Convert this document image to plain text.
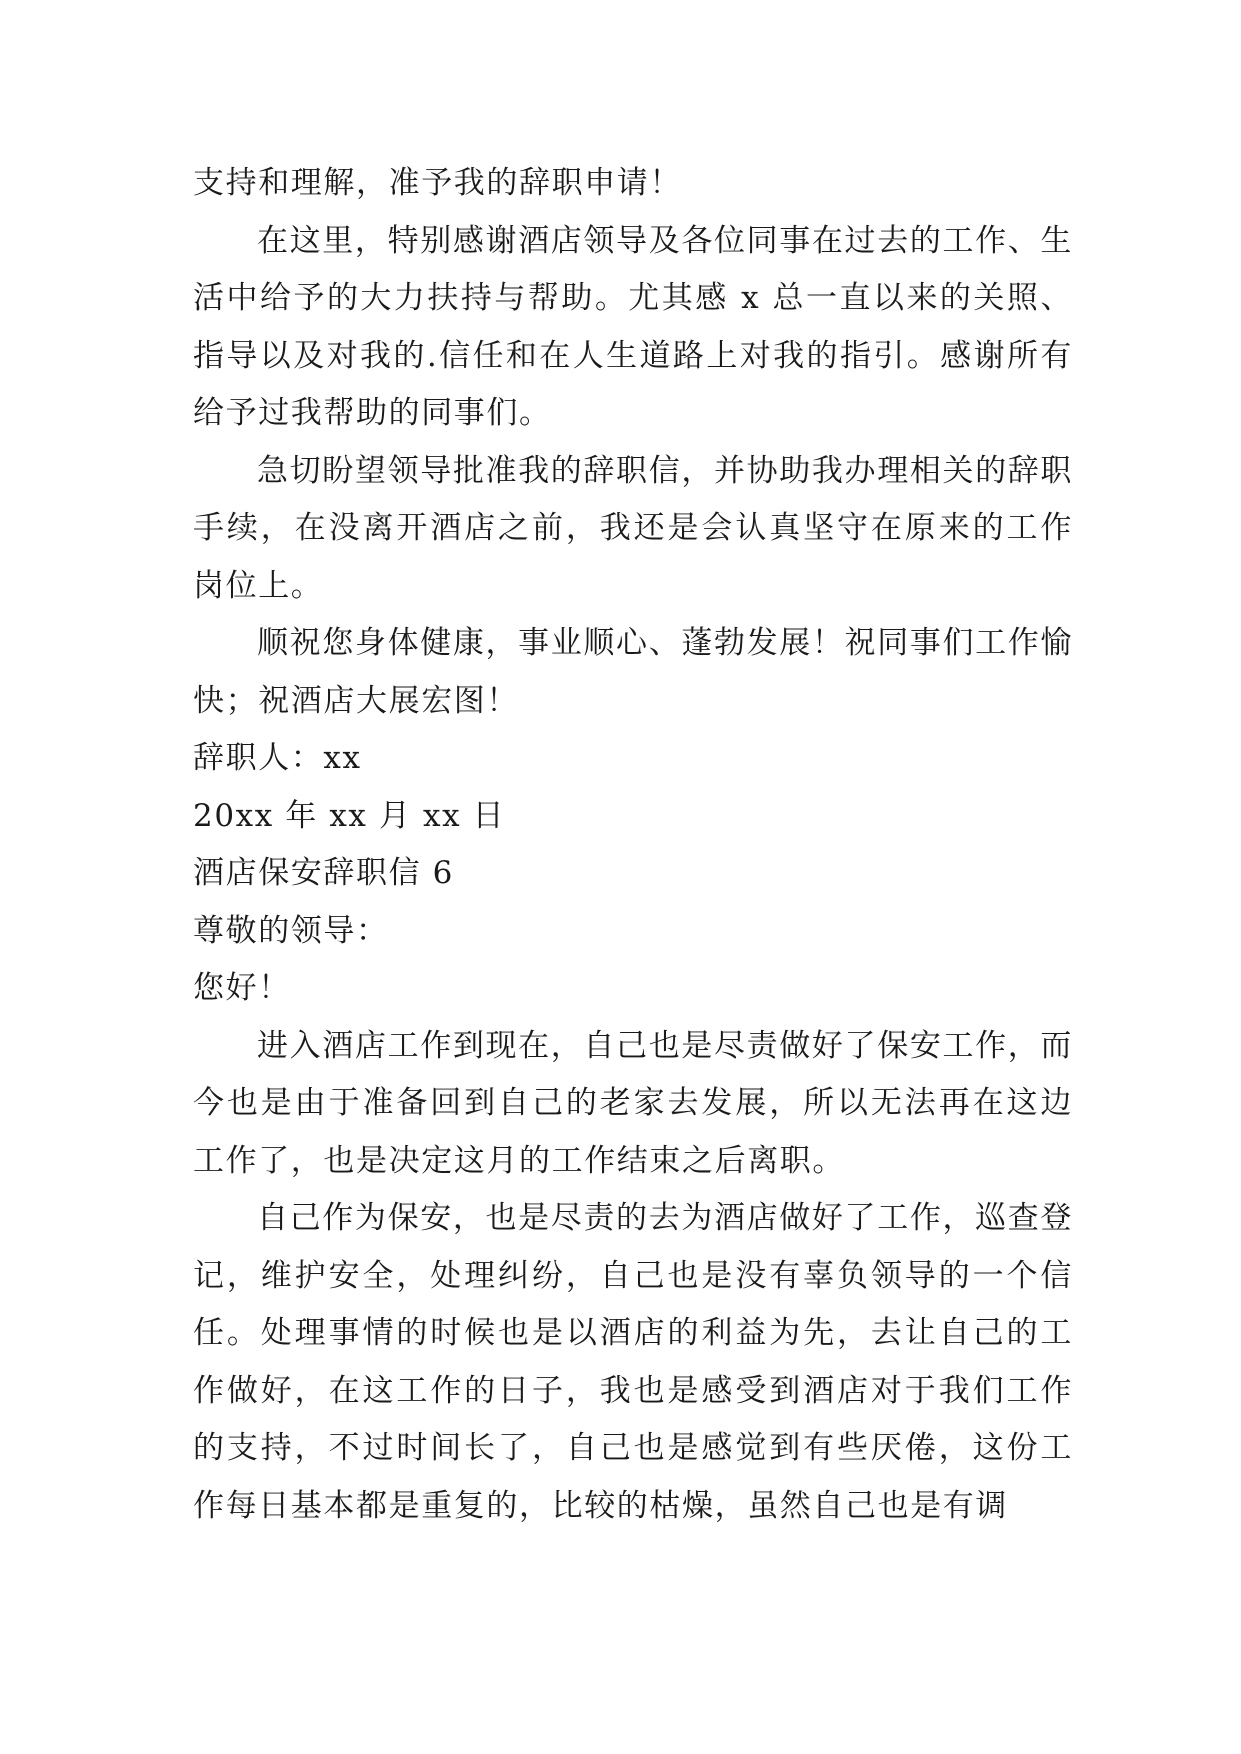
支持和理解，准予我的辞职申请！

在这里，特别感谢酒店领导及各位同事在过去的工作、生活中给予的大力扶持与帮助。尤其感 x 总一直以来的关照、指导以及对我的.信任和在人生道路上对我的指引。感谢所有给予过我帮助的同事们。

急切盼望领导批准我的辞职信，并协助我办理相关的辞职手续，在没离开酒店之前，我还是会认真坚守在原来的工作岗位上。

顺祝您身体健康，事业顺心、蓬勃发展！祝同事们工作愉快；祝酒店大展宏图！

辞职人：xx

20xx 年 xx 月 xx 日

酒店保安辞职信 6

尊敬的领导：

您好！

进入酒店工作到现在，自己也是尽责做好了保安工作，而今也是由于准备回到自己的老家去发展，所以无法再在这边工作了，也是决定这月的工作结束之后离职。

自己作为保安，也是尽责的去为酒店做好了工作，巡查登记，维护安全，处理纠纷，自己也是没有辜负领导的一个信任。处理事情的时候也是以酒店的利益为先，去让自己的工作做好，在这工作的日子，我也是感受到酒店对于我们工作的支持，不过时间长了，自己也是感觉到有些厌倦，这份工作每日基本都是重复的，比较的枯燥，虽然自己也是有调
